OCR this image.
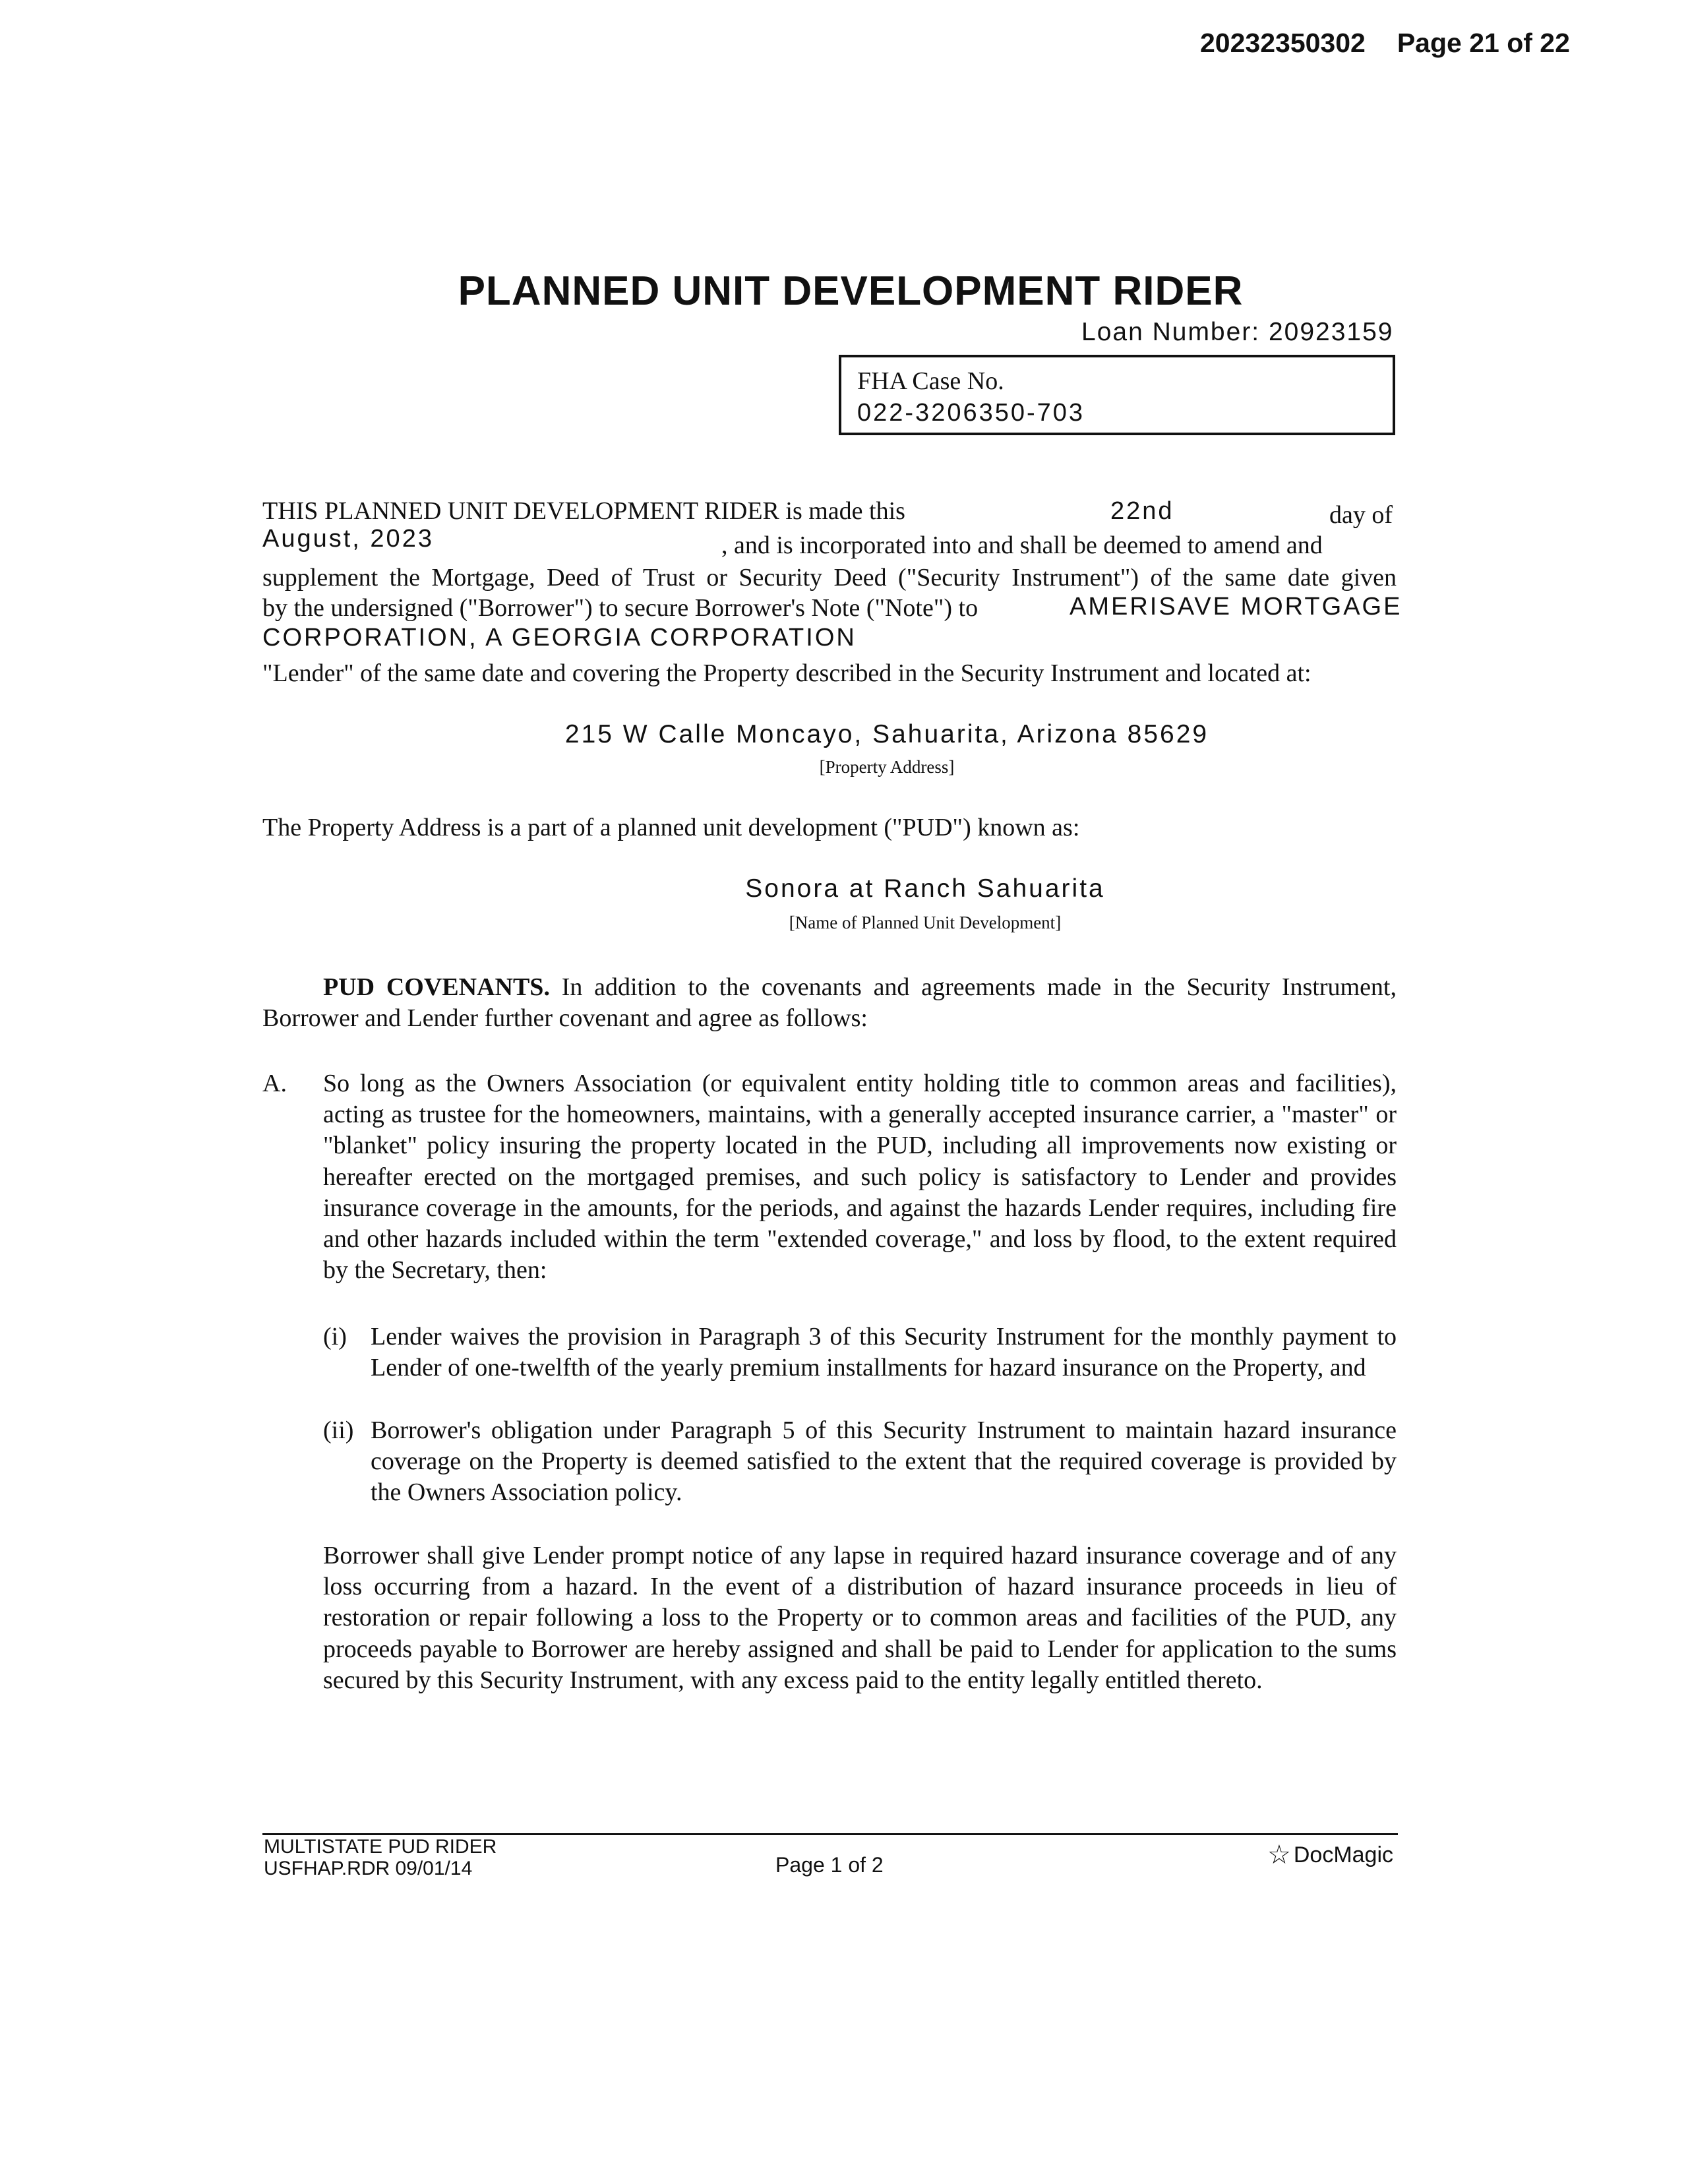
20232350302 Page 21 of 22
PLANNED UNIT DEVELOPMENT RIDER
Loan Number: 20923159
FHA Case No.
022-3206350-703
THIS PLANNED UNIT DEVELOPMENT RIDER is made this	22nd	day of
August, 2023	, and is incorporated into and shall be deemed to amend and
supplement the Mortgage, Deed of Trust or Security Deed ("Security Instrument") of the same date given
by the undersigned ("Borrower") to secure Borrower's Note ("Note") to	AMERISAVE MORTGAGE
CORPORATION, A GEORGIA CORPORATION
"Lender" of the same date and covering the Property described in the Security Instrument and located at:
215 W Calle Moncayo, Sahuarita, Arizona 85629
[Property Address]
The Property Address is a part of a planned unit development ("PUD") known as:
Sonora at Ranch Sahuarita
[Name of Planned Unit Development]
PUD COVENANTS. In addition to the covenants and agreements made in the Security Instrument, Borrower and Lender further covenant and agree as follows:
A. So long as the Owners Association (or equivalent entity holding title to common areas and facilities), acting as trustee for the homeowners, maintains, with a generally accepted insurance carrier, a "master" or "blanket" policy insuring the property located in the PUD, including all improvements now existing or hereafter erected on the mortgaged premises, and such policy is satisfactory to Lender and provides insurance coverage in the amounts, for the periods, and against the hazards Lender requires, including fire and other hazards included within the term "extended coverage," and loss by flood, to the extent required by the Secretary, then:
(i) Lender waives the provision in Paragraph 3 of this Security Instrument for the monthly payment to Lender of one-twelfth of the yearly premium installments for hazard insurance on the Property, and
(ii) Borrower's obligation under Paragraph 5 of this Security Instrument to maintain hazard insurance coverage on the Property is deemed satisfied to the extent that the required coverage is provided by the Owners Association policy.
Borrower shall give Lender prompt notice of any lapse in required hazard insurance coverage and of any loss occurring from a hazard. In the event of a distribution of hazard insurance proceeds in lieu of restoration or repair following a loss to the Property or to common areas and facilities of the PUD, any proceeds payable to Borrower are hereby assigned and shall be paid to Lender for application to the sums secured by this Security Instrument, with any excess paid to the entity legally entitled thereto.
MULTISTATE PUD RIDER
USFHAP.RDR 09/01/14	Page 1 of 2	☆ DocMagic
